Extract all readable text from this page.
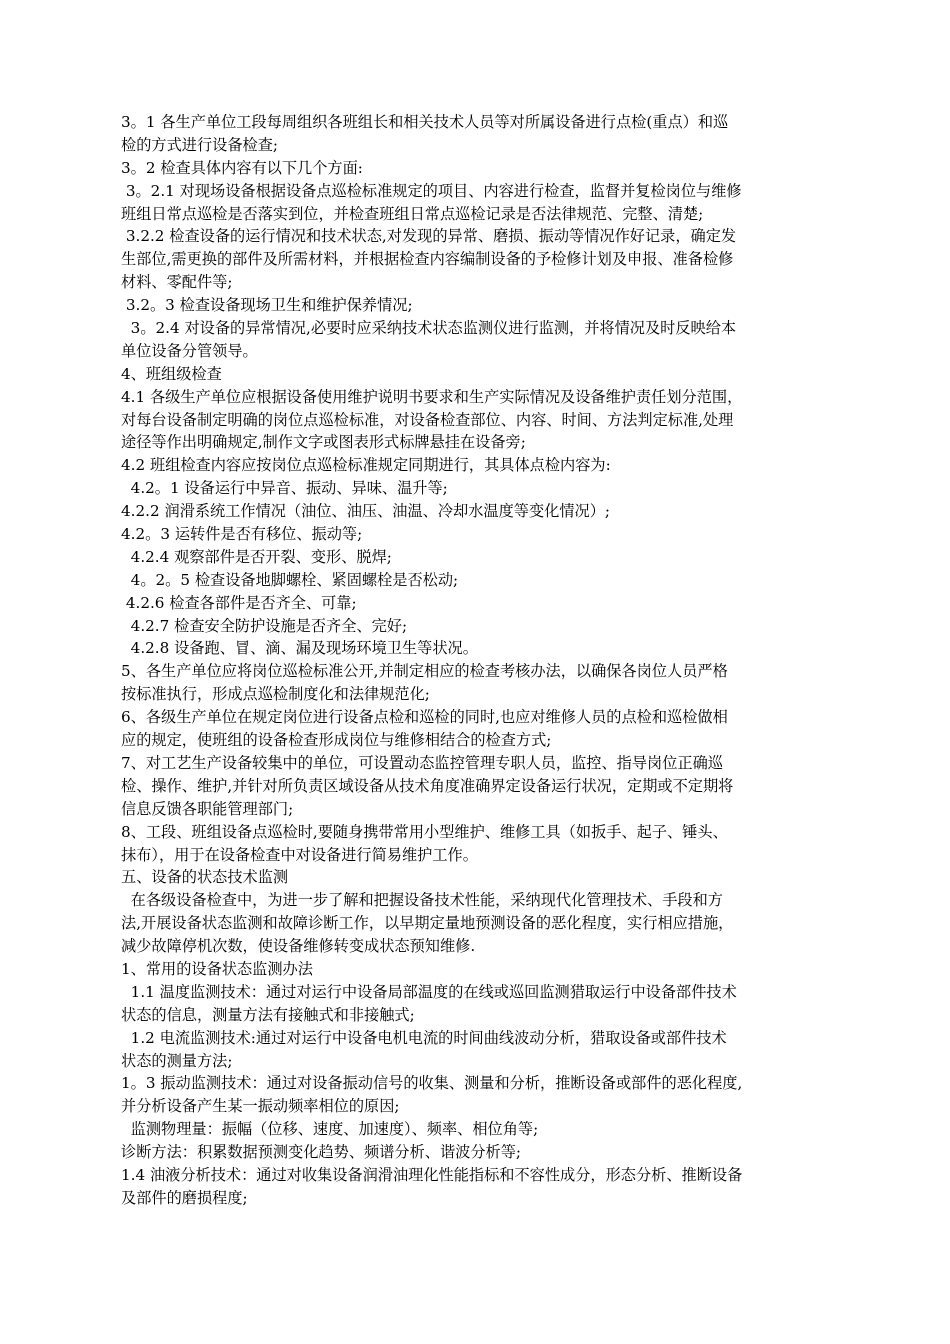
3。1 各生产单位工段每周组织各班组长和相关技术人员等对所属设备进行点检(重点）和巡
检的方式进行设备检查;
3。2 检查具体内容有以下几个方面:
3。2.1 对现场设备根据设备点巡检标准规定的项目、内容进行检查，监督并复检岗位与维修
班组日常点巡检是否落实到位，并检查班组日常点巡检记录是否法律规范、完整、清楚;
3.2.2 检查设备的运行情况和技术状态,对发现的异常、磨损、振动等情况作好记录，确定发
生部位,需更换的部件及所需材料，并根据检查内容编制设备的予检修计划及申报、准备检修
材料、零配件等;
3.2。3 检查设备现场卫生和维护保养情况;
3。2.4 对设备的异常情况,必要时应采纳技术状态监测仪进行监测，并将情况及时反映给本
单位设备分管领导。
4、班组级检查
4.1 各级生产单位应根据设备使用维护说明书要求和生产实际情况及设备维护责任划分范围，
对每台设备制定明确的岗位点巡检标准，对设备检查部位、内容、时间、方法判定标准,处理
途径等作出明确规定,制作文字或图表形式标牌悬挂在设备旁;
4.2 班组检查内容应按岗位点巡检标准规定同期进行，其具体点检内容为:
4.2。1 设备运行中异音、振动、异味、温升等;
4.2.2 润滑系统工作情况（油位、油压、油温、冷却水温度等变化情况）;
4.2。3 运转件是否有移位、振动等;
4.2.4 观察部件是否开裂、变形、脱焊;
4。2。5 检查设备地脚螺栓、紧固螺栓是否松动;
4.2.6 检查各部件是否齐全、可靠;
4.2.7 检查安全防护设施是否齐全、完好;
4.2.8 设备跑、冒、滴、漏及现场环境卫生等状况。
5、各生产单位应将岗位巡检标准公开,并制定相应的检查考核办法，以确保各岗位人员严格
按标准执行，形成点巡检制度化和法律规范化;
6、各级生产单位在规定岗位进行设备点检和巡检的同时,也应对维修人员的点检和巡检做相
应的规定，使班组的设备检查形成岗位与维修相结合的检查方式;
7、对工艺生产设备较集中的单位，可设置动态监控管理专职人员，监控、指导岗位正确巡
检、操作、维护,并针对所负责区域设备从技术角度准确界定设备运行状况，定期或不定期将
信息反馈各职能管理部门;
8、工段、班组设备点巡检时,要随身携带常用小型维护、维修工具（如扳手、起子、锤头、
抹布），用于在设备检查中对设备进行简易维护工作。
五、设备的状态技术监测
在各级设备检查中，为进一步了解和把握设备技术性能，采纳现代化管理技术、手段和方
法,开展设备状态监测和故障诊断工作，以早期定量地预测设备的恶化程度，实行相应措施，
减少故障停机次数，使设备维修转变成状态预知维修.
1、常用的设备状态监测办法
1.1 温度监测技术：通过对运行中设备局部温度的在线或巡回监测猎取运行中设备部件技术
状态的信息，测量方法有接触式和非接触式;
1.2 电流监测技术:通过对运行中设备电机电流的时间曲线波动分析，猎取设备或部件技术
状态的测量方法;
1。3 振动监测技术：通过对设备振动信号的收集、测量和分析，推断设备或部件的恶化程度,
并分析设备产生某一振动频率相位的原因;
监测物理量：振幅（位移、速度、加速度）、频率、相位角等;
诊断方法：积累数据预测变化趋势、频谱分析、谐波分析等;
1.4 油液分析技术：通过对收集设备润滑油理化性能指标和不容性成分，形态分析、推断设备
及部件的磨损程度;
